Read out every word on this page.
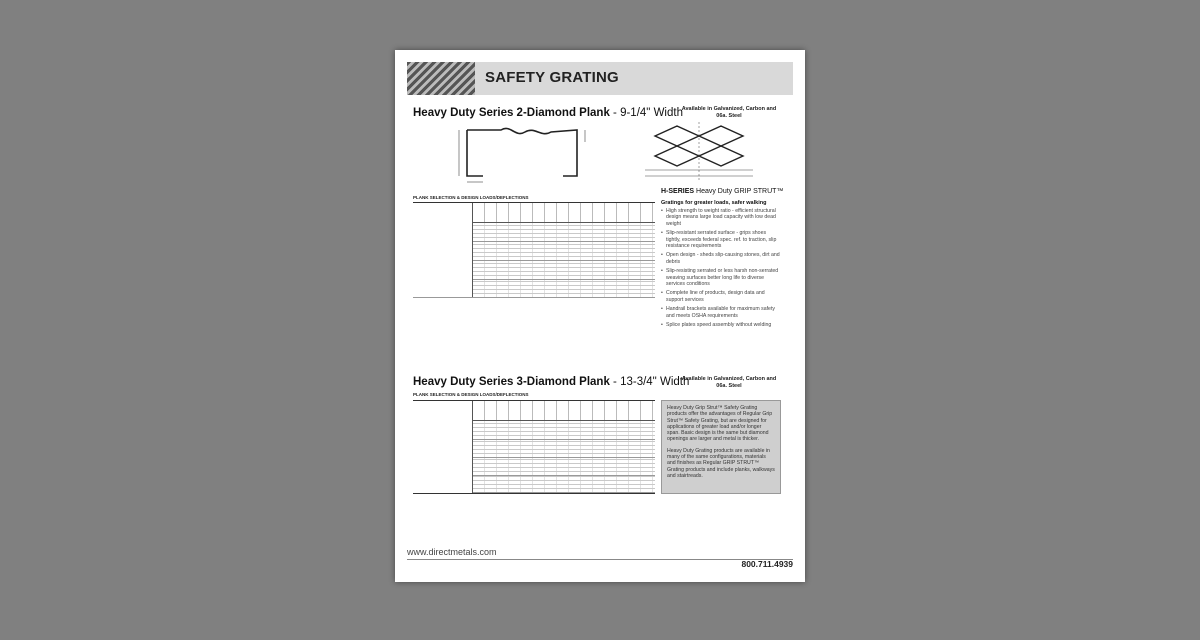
SAFETY GRATING
Heavy Duty Series 2-Diamond Plank - 9-1/4" Width
Available in Galvanized, Carbon and 06a. Steel
PLANK SELECTION & DESIGN LOADS/DEFLECTIONS
H-SERIES Heavy Duty GRIP STRUT™
Gratings for greater loads, safer walking
• High strength to weight ratio - efficient structural design means large load capacity with low dead weight
• Slip-resistant serrated surface - grips shoes tightly, exceeds federal spec. ref. to traction, slip resistance requirements
• Open design - sheds slip-causing stones, dirt and debris
• Slip-resisting serrated or less harsh non-serrated weaving surfaces better long life to diverse services conditions
• Complete line of products, design data and support services
• Handrail brackets available for maximum safety and meets OSHA requirements
• Splice plates speed assembly without welding
Heavy Duty Series 3-Diamond Plank - 13-3/4" Width
Available in Galvanized, Carbon and 06a. Steel
PLANK SELECTION & DESIGN LOADS/DEFLECTIONS

Heavy Duty Grip Strut™ Safety Grating products offer the advantages of Regular Grip Strut™ Safety Grating, but are designed for applications of greater load and/or longer span. Basic design is the same but diamond openings are larger and metal is thicker.

Heavy Duty Grating products are available in many of the same configurations, materials and finishes as Regular GRIP STRUT™ Grating products and include planks, walkways and stairtreads.

www.directmetals.com
800.711.4939
